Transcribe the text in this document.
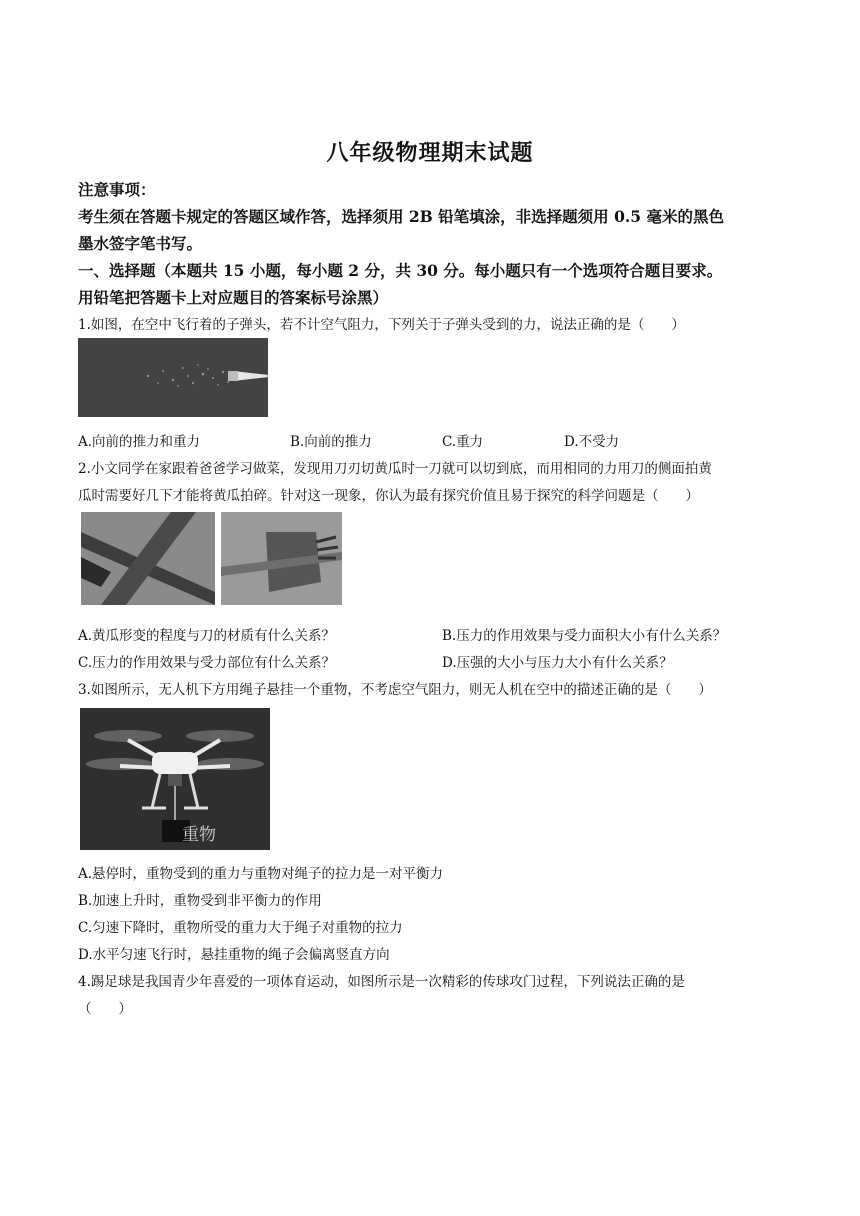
八年级物理期末试题
注意事项：
考生须在答题卡规定的答题区域作答，选择须用 2B 铅笔填涂，非选择题须用 0.5 毫米的黑色
墨水签字笔书写。
一、选择题（本题共 15 小题，每小题 2 分，共 30 分。每小题只有一个选项符合题目要求。
用铅笔把答题卡上对应题目的答案标号涂黑）
1.如图，在空中飞行着的子弹头，若不计空气阻力，下列关于子弹头受到的力，说法正确的是（　　）
A.向前的推力和重力	B.向前的推力	C.重力	D.不受力
2.小文同学在家跟着爸爸学习做菜，发现用刀刃切黄瓜时一刀就可以切到底，而用相同的力用刀的侧面拍黄
瓜时需要好几下才能将黄瓜拍碎。针对这一现象，你认为最有探究价值且易于探究的科学问题是（　　）
A.黄瓜形变的程度与刀的材质有什么关系？	B.压力的作用效果与受力面积大小有什么关系？
C.压力的作用效果与受力部位有什么关系？	D.压强的大小与压力大小有什么关系？
3.如图所示，无人机下方用绳子悬挂一个重物，不考虑空气阻力，则无人机在空中的描述正确的是（　　）
重物
A.悬停时，重物受到的重力与重物对绳子的拉力是一对平衡力
B.加速上升时，重物受到非平衡力的作用
C.匀速下降时，重物所受的重力大于绳子对重物的拉力
D.水平匀速飞行时，悬挂重物的绳子会偏离竖直方向
4.踢足球是我国青少年喜爱的一项体育运动，如图所示是一次精彩的传球攻门过程，下列说法正确的是
（　　）
